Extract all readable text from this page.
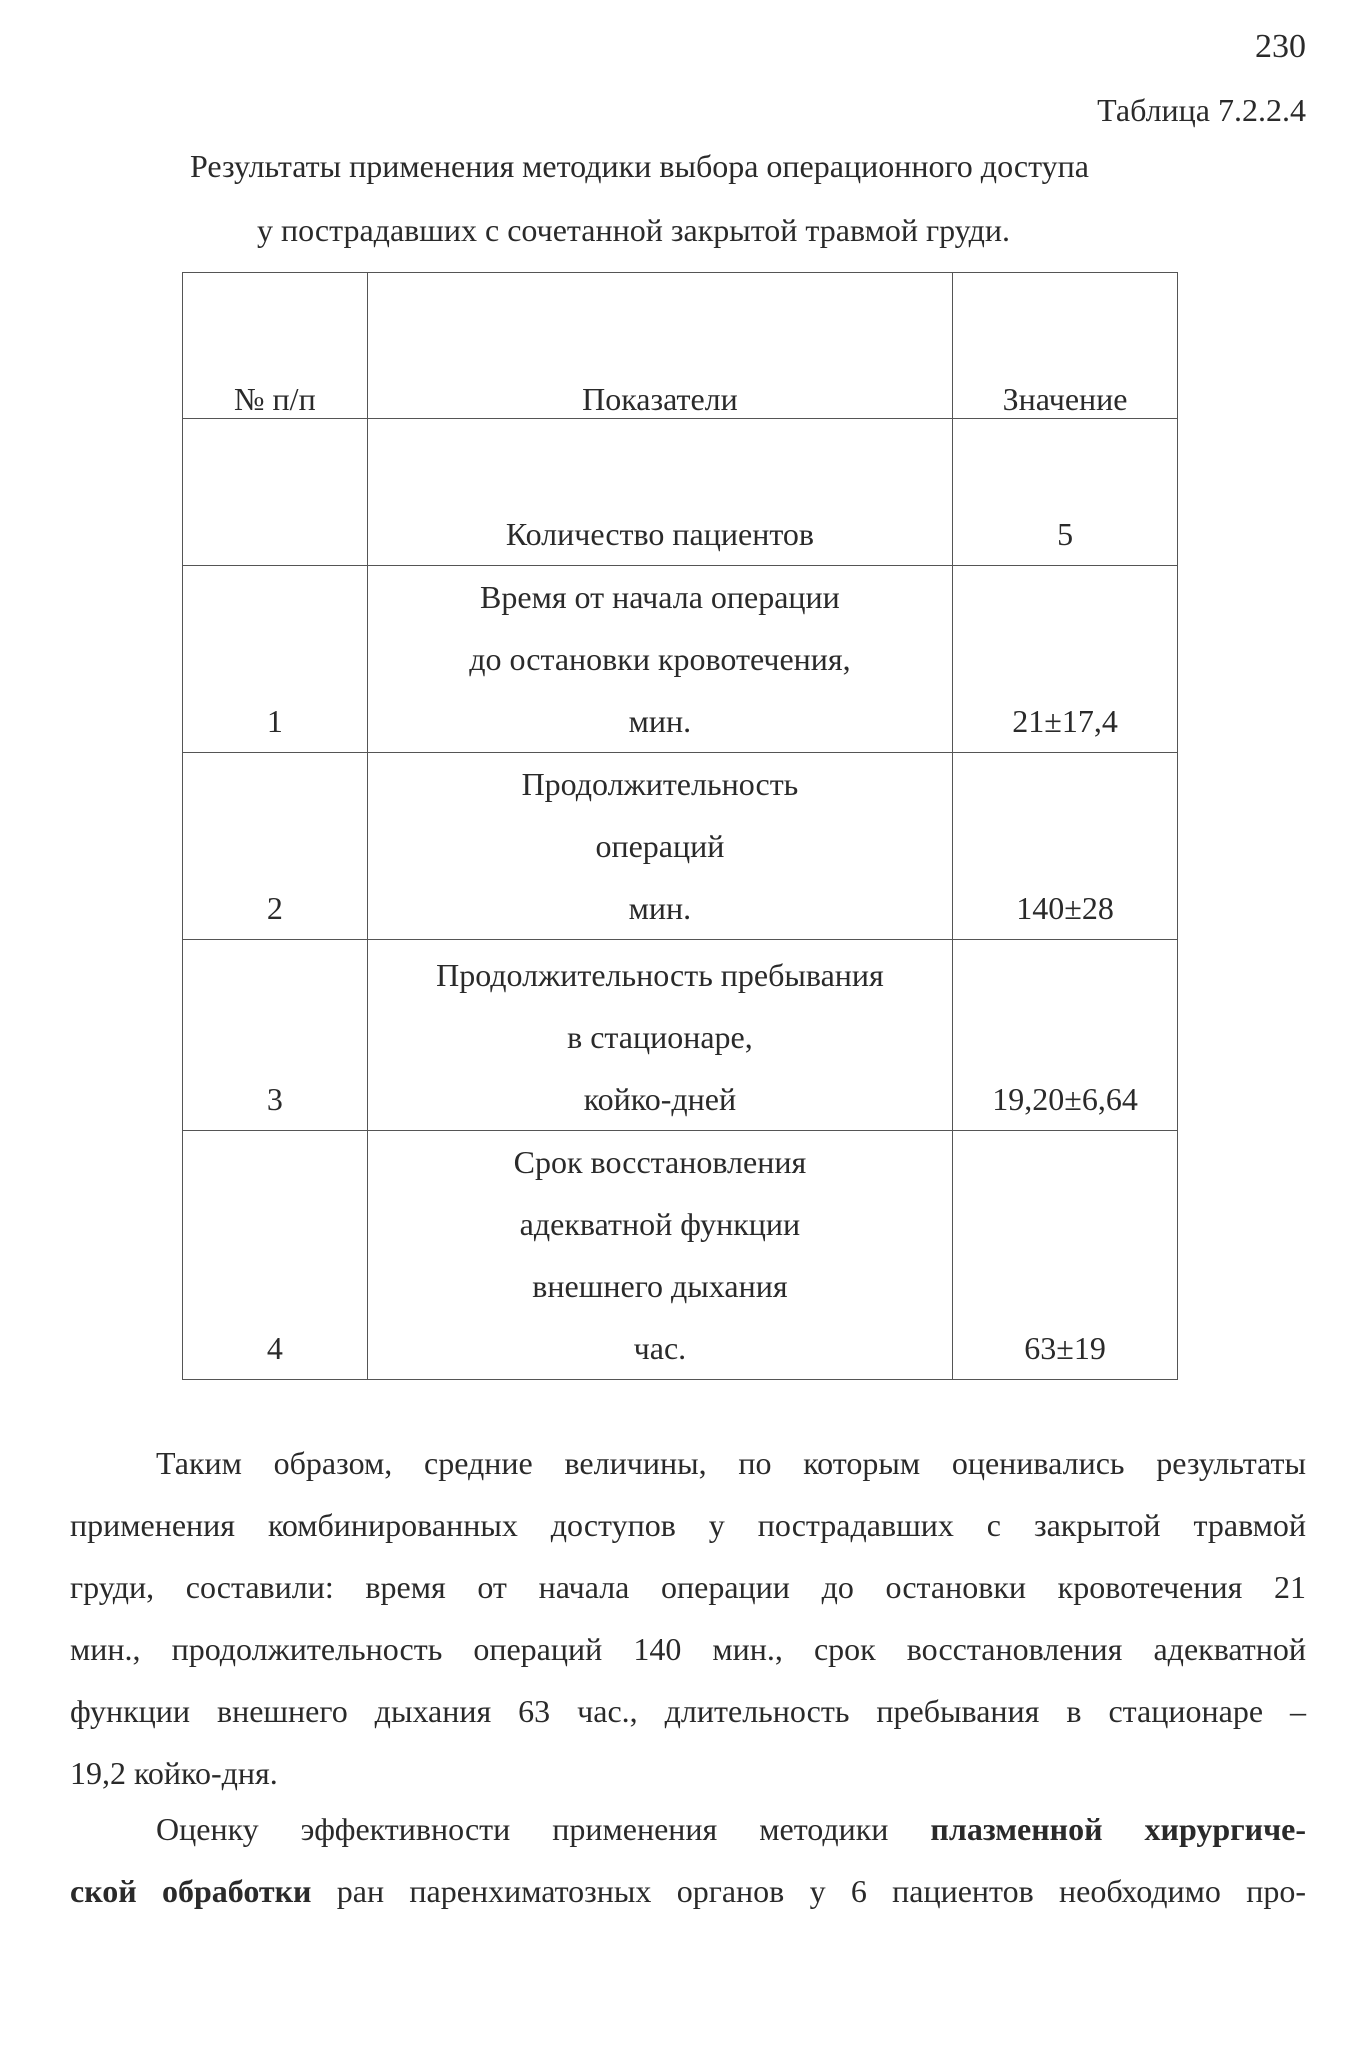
230
Таблица 7.2.2.4
Результаты применения методики выбора операционного доступа
у пострадавших с сочетанной закрытой травмой груди.
№ п/п	Показатели	Значение

	Количество пациентов	5
1	Время от начала операции
до остановки кровотечения,
мин.	21±17,4
2	Продолжительность
операций
мин.	140±28
3	Продолжительность пребывания
в стационаре,
койко-дней	19,20±6,64
4	Срок восстановления
адекватной функции
внешнего дыхания
час.	63±19
Таким образом, средние величины, по которым оценивались результаты
применения комбинированных доступов у пострадавших с закрытой травмой
груди, составили: время от начала операции до остановки кровотечения 21
мин., продолжительность операций 140 мин., срок восстановления адекватной
функции внешнего дыхания 63 час., длительность пребывания в стационаре –
19,2 койко-дня.
Оценку эффективности применения методики плазменной хирургиче-
ской обработки ран паренхиматозных органов у 6 пациентов необходимо про-
